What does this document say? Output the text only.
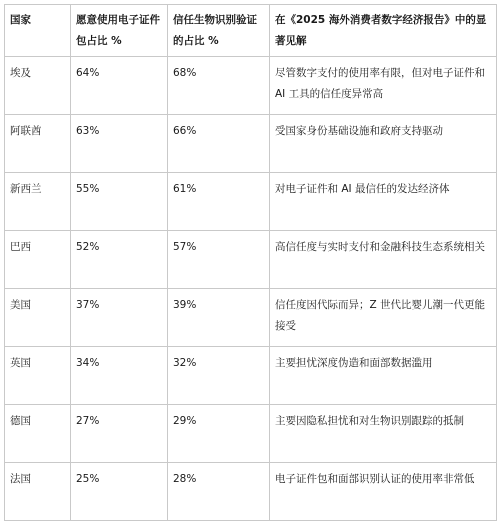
国家	愿意使用电子证件包占比 %	信任生物识别验证的占比 %	在《2025 海外消费者数字经济报告》中的显著见解
埃及	64%	68%	尽管数字支付的使用率有限，但对电子证件和 AI 工具的信任度异常高
阿联酋	63%	66%	受国家身份基础设施和政府支持驱动
新西兰	55%	61%	对电子证件和 AI 最信任的发达经济体
巴西	52%	57%	高信任度与实时支付和金融科技生态系统相关
美国	37%	39%	信任度因代际而异；Z 世代比婴儿潮一代更能接受
英国	34%	32%	主要担忧深度伪造和面部数据滥用
德国	27%	29%	主要因隐私担忧和对生物识别跟踪的抵制
法国	25%	28%	电子证件包和面部识别认证的使用率非常低
